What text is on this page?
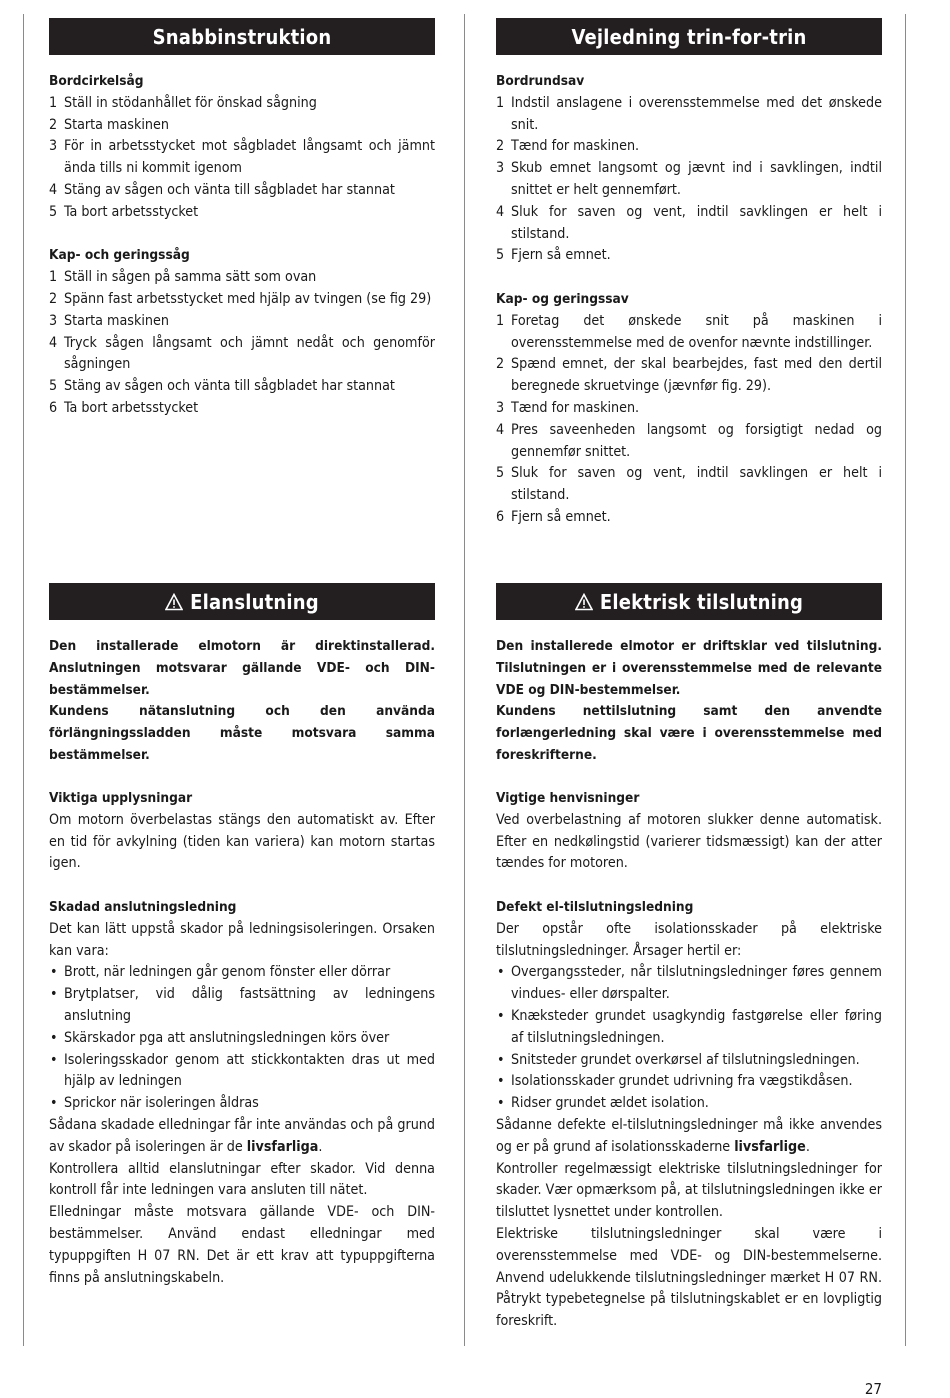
Snabbinstruktion
Bordcirkelsåg
1 Ställ in stödanhållet för önskad sågning
2 Starta maskinen
3 För in arbetsstycket mot sågbladet långsamt och jämnt ända tills ni kommit igenom
4 Stäng av sågen och vänta till sågbladet har stannat
5 Ta bort arbetsstycket
Kap- och geringssåg
1 Ställ in sågen på samma sätt som ovan
2 Spänn fast arbetsstycket med hjälp av tvingen (se fig 29)
3 Starta maskinen
4 Tryck sågen långsamt och jämnt nedåt och genomför sågningen
5 Stäng av sågen och vänta till sågbladet har stannat
6 Ta bort arbetsstycket
Elanslutning
Den installerade elmotorn är direktinstallerad. Anslutningen motsvarar gällande VDE- och DIN-bestämmelser.
Kundens nätanslutning och den använda förlängningssladden måste motsvara samma bestämmelser.
Viktiga upplysningar
Om motorn överbelastas stängs den automatiskt av. Efter en tid för avkylning (tiden kan variera) kan motorn startas igen.
Skadad anslutningsledning
Det kan lätt uppstå skador på ledningsisoleringen. Orsaken kan vara:
• Brott, när ledningen går genom fönster eller dörrar
• Brytplatser, vid dålig fastsättning av ledningens anslutning
• Skärskador pga att anslutningsledningen körs över
• Isoleringsskador genom att stickkontakten dras ut med hjälp av ledningen
• Sprickor när isoleringen åldras
Sådana skadade elledningar får inte användas och på grund av skador på isoleringen är de livsfarliga.
Kontrollera alltid elanslutningar efter skador. Vid denna kontroll får inte ledningen vara ansluten till nätet.
Elledningar måste motsvara gällande VDE- och DIN-bestämmelser. Använd endast elledningar med typuppgiften H 07 RN. Det är ett krav att typuppgifterna finns på anslutningskabeln.
Vejledning trin-for-trin
Bordrundsav
1 Indstil anslagene i overensstemmelse med det ønskede snit.
2 Tænd for maskinen.
3 Skub emnet langsomt og jævnt ind i savklingen, indtil snittet er helt gennemført.
4 Sluk for saven og vent, indtil savklingen er helt i stilstand.
5 Fjern så emnet.
Kap- og geringssav
1 Foretag det ønskede snit på maskinen i overensstemmelse med de ovenfor nævnte indstillinger.
2 Spænd emnet, der skal bearbejdes, fast med den dertil beregnede skruetvinge (jævnfør fig. 29).
3 Tænd for maskinen.
4 Pres saveenheden langsomt og forsigtigt nedad og gennemfør snittet.
5 Sluk for saven og vent, indtil savklingen er helt i stilstand.
6 Fjern så emnet.
Elektrisk tilslutning
Den installerede elmotor er driftsklar ved tilslutning. Tilslutningen er i overensstemmelse med de relevante VDE og DIN-bestemmelser.
Kundens nettilslutning samt den anvendte forlængerledning skal være i overensstemmelse med foreskrifterne.
Vigtige henvisninger
Ved overbelastning af motoren slukker denne automatisk. Efter en nedkølingstid (varierer tidsmæssigt) kan der atter tændes for motoren.
Defekt el-tilslutningsledning
Der opstår ofte isolationsskader på elektriske tilslutningsledninger. Årsager hertil er:
• Overgangssteder, når tilslutningsledninger føres gennem vindues- eller dørspalter.
• Knæksteder grundet usagkyndig fastgørelse eller føring af tilslutningsledningen.
• Snitsteder grundet overkørsel af tilslutningsledningen.
• Isolationsskader grundet udrivning fra vægstikdåsen.
• Ridser grundet ældet isolation.
Sådanne defekte el-tilslutningsledninger må ikke anvendes og er på grund af isolationsskaderne livsfarlige.
Kontroller regelmæssigt elektriske tilslutningsledninger for skader. Vær opmærksom på, at tilslutningsledningen ikke er tilsluttet lysnettet under kontrollen.
Elektriske tilslutningsledninger skal være i overensstemmelse med VDE- og DIN-bestemmelserne. Anvend udelukkende tilslutningsledninger mærket H 07 RN. Påtrykt typebetegnelse på tilslutningskablet er en lovpligtig foreskrift.
27
